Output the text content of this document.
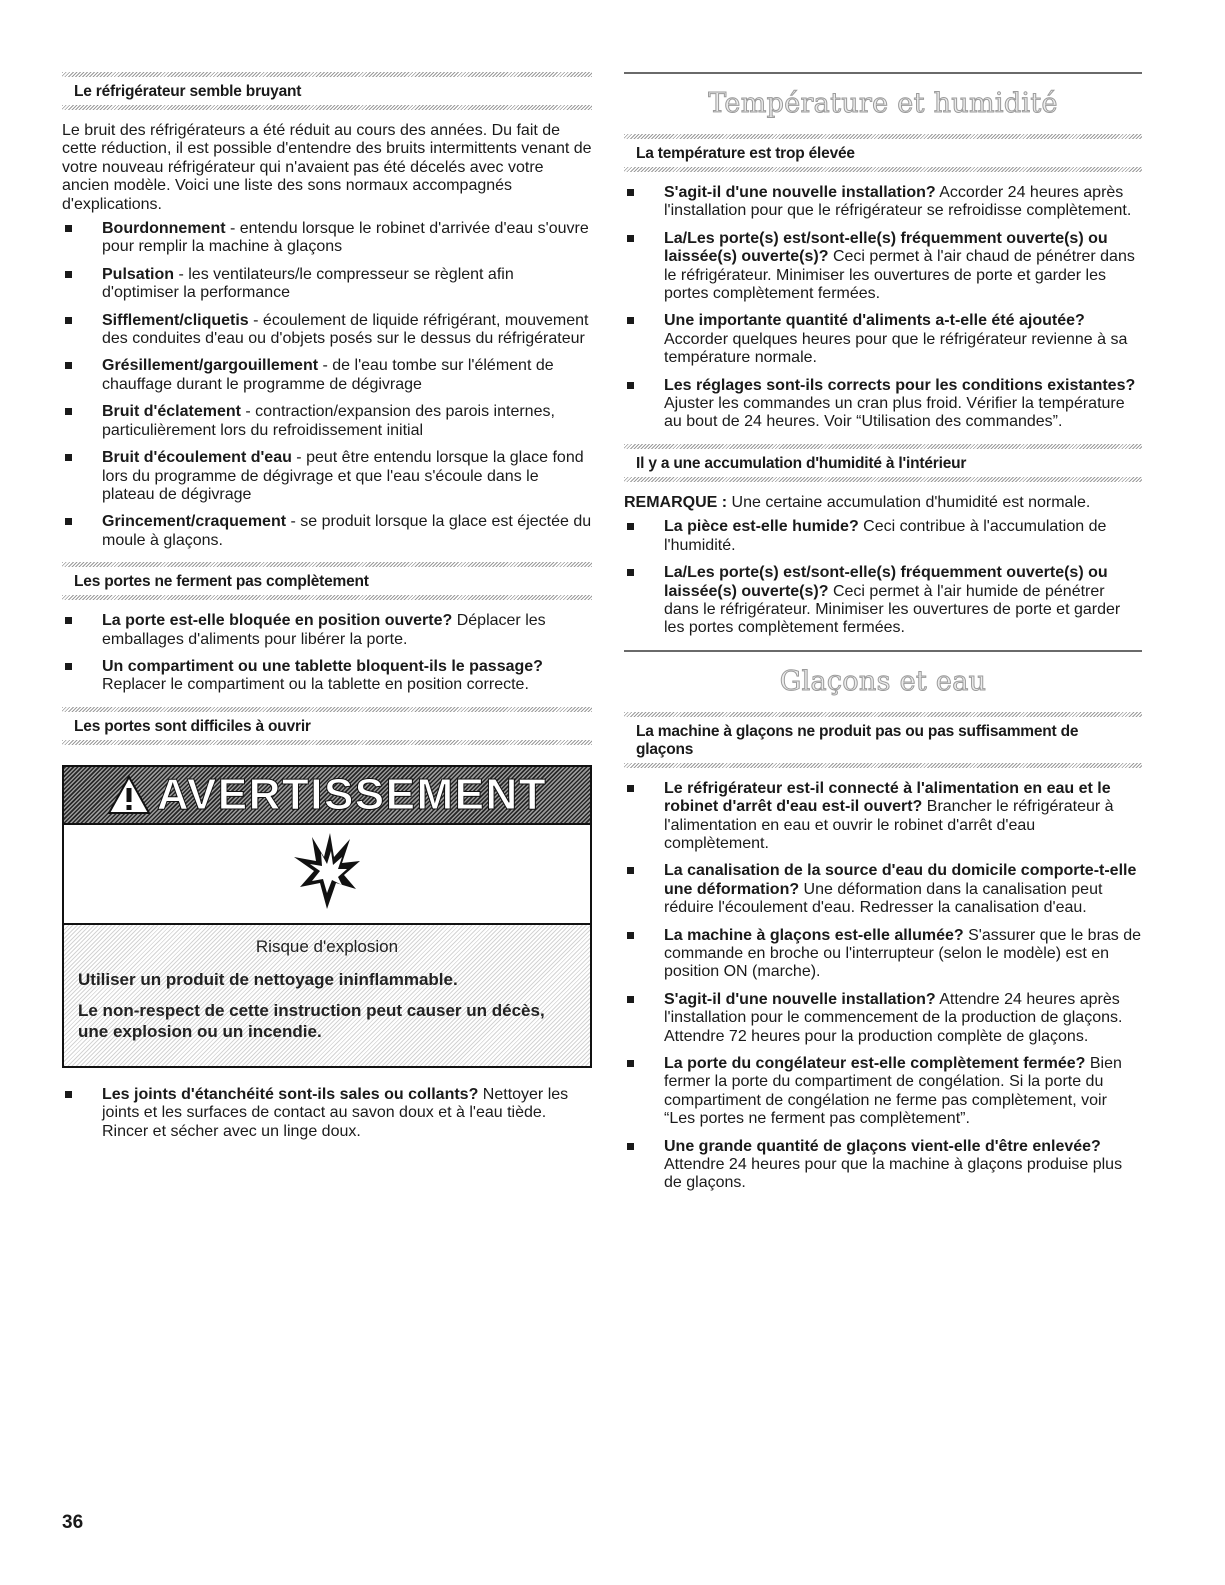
Le réfrigérateur semble bruyant

Le bruit des réfrigérateurs a été réduit au cours des années. Du fait de cette réduction, il est possible d'entendre des bruits intermittents venant de votre nouveau réfrigérateur qui n'avaient pas été décelés avec votre ancien modèle. Voici une liste des sons normaux accompagnés d'explications.

Bourdonnement - entendu lorsque le robinet d'arrivée d'eau s'ouvre pour remplir la machine à glaçons
Pulsation - les ventilateurs/le compresseur se règlent afin d'optimiser la performance
Sifflement/cliquetis - écoulement de liquide réfrigérant, mouvement des conduites d'eau ou d'objets posés sur le dessus du réfrigérateur
Grésillement/gargouillement - de l'eau tombe sur l'élément de chauffage durant le programme de dégivrage
Bruit d'éclatement - contraction/expansion des parois internes, particulièrement lors du refroidissement initial
Bruit d'écoulement d'eau - peut être entendu lorsque la glace fond lors du programme de dégivrage et que l'eau s'écoule dans le plateau de dégivrage
Grincement/craquement - se produit lorsque la glace est éjectée du moule à glaçons.
Les portes ne ferment pas complètement
La porte est-elle bloquée en position ouverte? Déplacer les emballages d'aliments pour libérer la porte.
Un compartiment ou une tablette bloquent-ils le passage? Replacer le compartiment ou la tablette en position correcte.
Les portes sont difficiles à ouvrir
AVERTISSEMENT
Risque d'explosion
Utiliser un produit de nettoyage ininflammable.
Le non-respect de cette instruction peut causer un décès, une explosion ou un incendie.
Les joints d'étanchéité sont-ils sales ou collants? Nettoyer les joints et les surfaces de contact au savon doux et à l'eau tiède. Rincer et sécher avec un linge doux.
Température et humidité
La température est trop élevée
S'agit-il d'une nouvelle installation? Accorder 24 heures après l'installation pour que le réfrigérateur se refroidisse complètement.
La/Les porte(s) est/sont-elle(s) fréquemment ouverte(s) ou laissée(s) ouverte(s)? Ceci permet à l'air chaud de pénétrer dans le réfrigérateur. Minimiser les ouvertures de porte et garder les portes complètement fermées.
Une importante quantité d'aliments a-t-elle été ajoutée? Accorder quelques heures pour que le réfrigérateur revienne à sa température normale.
Les réglages sont-ils corrects pour les conditions existantes? Ajuster les commandes un cran plus froid. Vérifier la température au bout de 24 heures. Voir “Utilisation des commandes”.
Il y a une accumulation d'humidité à l'intérieur

REMARQUE : Une certaine accumulation d'humidité est normale.

La pièce est-elle humide? Ceci contribue à l'accumulation de l'humidité.
La/Les porte(s) est/sont-elle(s) fréquemment ouverte(s) ou laissée(s) ouverte(s)? Ceci permet à l'air humide de pénétrer dans le réfrigérateur. Minimiser les ouvertures de porte et garder les portes complètement fermées.
Glaçons et eau
La machine à glaçons ne produit pas ou pas suffisamment de glaçons
Le réfrigérateur est-il connecté à l'alimentation en eau et le robinet d'arrêt d'eau est-il ouvert? Brancher le réfrigérateur à l'alimentation en eau et ouvrir le robinet d'arrêt d'eau complètement.
La canalisation de la source d'eau du domicile comporte-t-elle une déformation? Une déformation dans la canalisation peut réduire l'écoulement d'eau. Redresser la canalisation d'eau.
La machine à glaçons est-elle allumée? S'assurer que le bras de commande en broche ou l'interrupteur (selon le modèle) est en position ON (marche).
S'agit-il d'une nouvelle installation? Attendre 24 heures après l'installation pour le commencement de la production de glaçons. Attendre 72 heures pour la production complète de glaçons.
La porte du congélateur est-elle complètement fermée? Bien fermer la porte du compartiment de congélation. Si la porte du compartiment de congélation ne ferme pas complètement, voir “Les portes ne ferment pas complètement”.
Une grande quantité de glaçons vient-elle d'être enlevée? Attendre 24 heures pour que la machine à glaçons produise plus de glaçons.
36
